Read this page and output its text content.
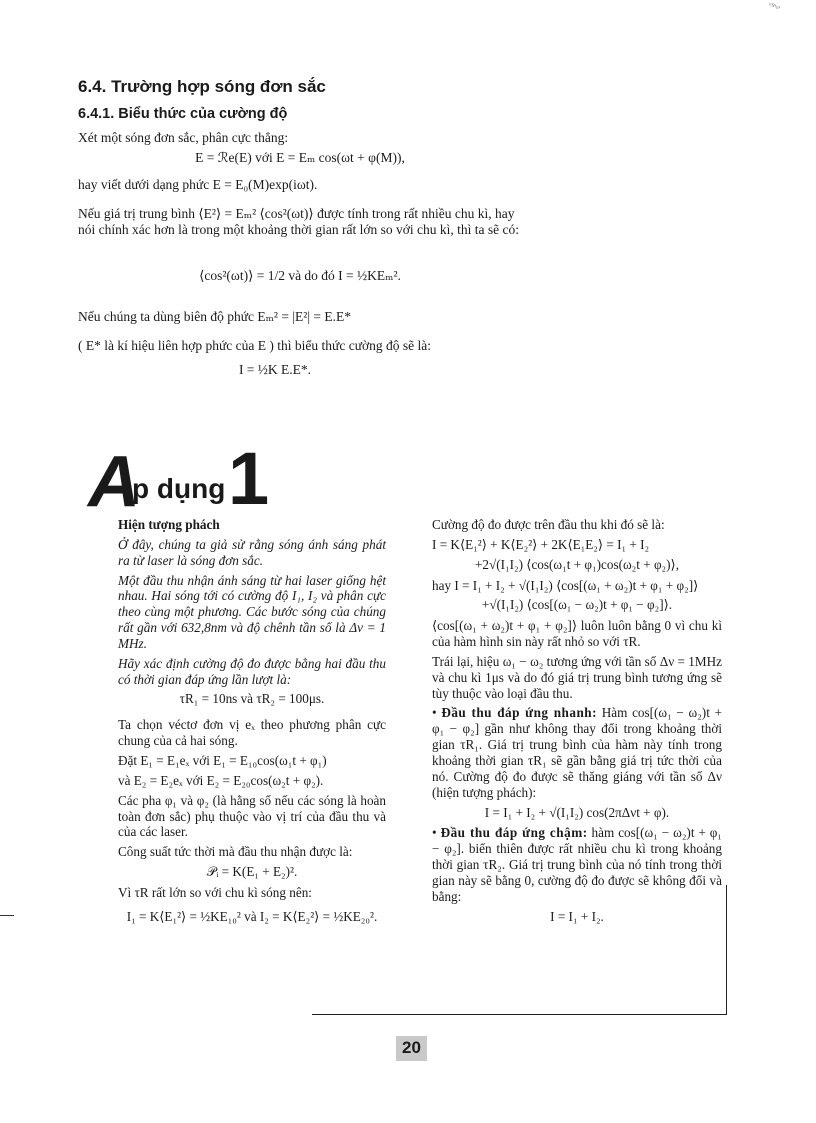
ᵛ⁹'ᵒ'
6.4. Trường hợp sóng đơn sắc
6.4.1. Biểu thức của cường độ
Xét một sóng đơn sắc, phân cực thẳng:
E = ℛe(E) với E = Eₘ cos(ωt + φ(M)),
hay viết dưới dạng phức E = E₀(M)exp(iωt).
Nếu giá trị trung bình ⟨E²⟩ = Eₘ² ⟨cos²(ωt)⟩ được tính trong rất nhiều chu kì, hay nói chính xác hơn là trong một khoảng thời gian rất lớn so với chu kì, thì ta sẽ có:
⟨cos²(ωt)⟩ = 1/2 và do đó I = ½KEₘ².
Nếu chúng ta dùng biên độ phức Eₘ² = |E²| = E.E*
( E* là kí hiệu liên hợp phức của E ) thì biểu thức cường độ sẽ là:
I = ½K E.E*.
A
p dụng 1

Hiện tượng phách

Ở đây, chúng ta giả sử rằng sóng ánh sáng phát ra từ laser là sóng đơn sắc.

Một đầu thu nhận ánh sáng từ hai laser giống hệt nhau. Hai sóng tới có cường độ I₁, I₂ và phân cực theo cùng một phương. Các bước sóng của chúng rất gần với 632,8nm và độ chênh tần số là Δν = 1 MHz.

Hãy xác định cường độ đo được bằng hai đầu thu có thời gian đáp ứng lần lượt là:

τR₁ = 10ns và τR₂ = 100μs.

Ta chọn véctơ đơn vị eₓ theo phương phân cực chung của cả hai sóng.

Đặt E₁ = E₁eₓ với E₁ = E₁₀cos(ω₁t + φ₁)

và E₂ = E₂eₓ với E₂ = E₂₀cos(ω₂t + φ₂).

Các pha φ₁ và φ₂ (là hằng số nếu các sóng là hoàn toàn đơn sắc) phụ thuộc vào vị trí của đầu thu và của các laser.

Công suất tức thời mà đầu thu nhận được là:

𝒫ᵢ = K(E₁ + E₂)².

Vì τR rất lớn so với chu kì sóng nên:

I₁ = K⟨E₁²⟩ = ½KE₁₀² và I₂ = K⟨E₂²⟩ = ½KE₂₀².

Cường độ đo được trên đầu thu khi đó sẽ là:

I = K⟨E₁²⟩ + K⟨E₂²⟩ + 2K⟨E₁E₂⟩ = I₁ + I₂

+2√(I₁I₂) ⟨cos(ω₁t + φ₁)cos(ω₂t + φ₂)⟩,

hay I = I₁ + I₂ + √(I₁I₂) ⟨cos[(ω₁ + ω₂)t + φ₁ + φ₂]⟩

+√(I₁I₂) ⟨cos[(ω₁ − ω₂)t + φ₁ − φ₂]⟩.

⟨cos[(ω₁ + ω₂)t + φ₁ + φ₂]⟩ luôn luôn bằng 0 vì chu kì của hàm hình sin này rất nhỏ so với τR.

Trái lại, hiệu ω₁ − ω₂ tương ứng với tần số Δν = 1MHz và chu kì 1μs và do đó giá trị trung bình tương ứng sẽ tùy thuộc vào loại đầu thu.

• Đầu thu đáp ứng nhanh: Hàm cos[(ω₁ − ω₂)t + φ₁ − φ₂] gần như không thay đổi trong khoảng thời gian τR₁. Giá trị trung bình của hàm này tính trong khoảng thời gian τR₁ sẽ gần bằng giá trị tức thời của nó. Cường độ đo được sẽ thăng giáng với tần số Δν (hiện tượng phách):

I = I₁ + I₂ + √(I₁I₂) cos(2πΔνt + φ).

• Đầu thu đáp ứng chậm: hàm cos[(ω₁ − ω₂)t + φ₁ − φ₂]. biến thiên được rất nhiều chu kì trong khoảng thời gian τR₂. Giá trị trung bình của nó tính trong thời gian này sẽ bằng 0, cường độ đo được sẽ không đổi và bằng:

I = I₁ + I₂.

20
